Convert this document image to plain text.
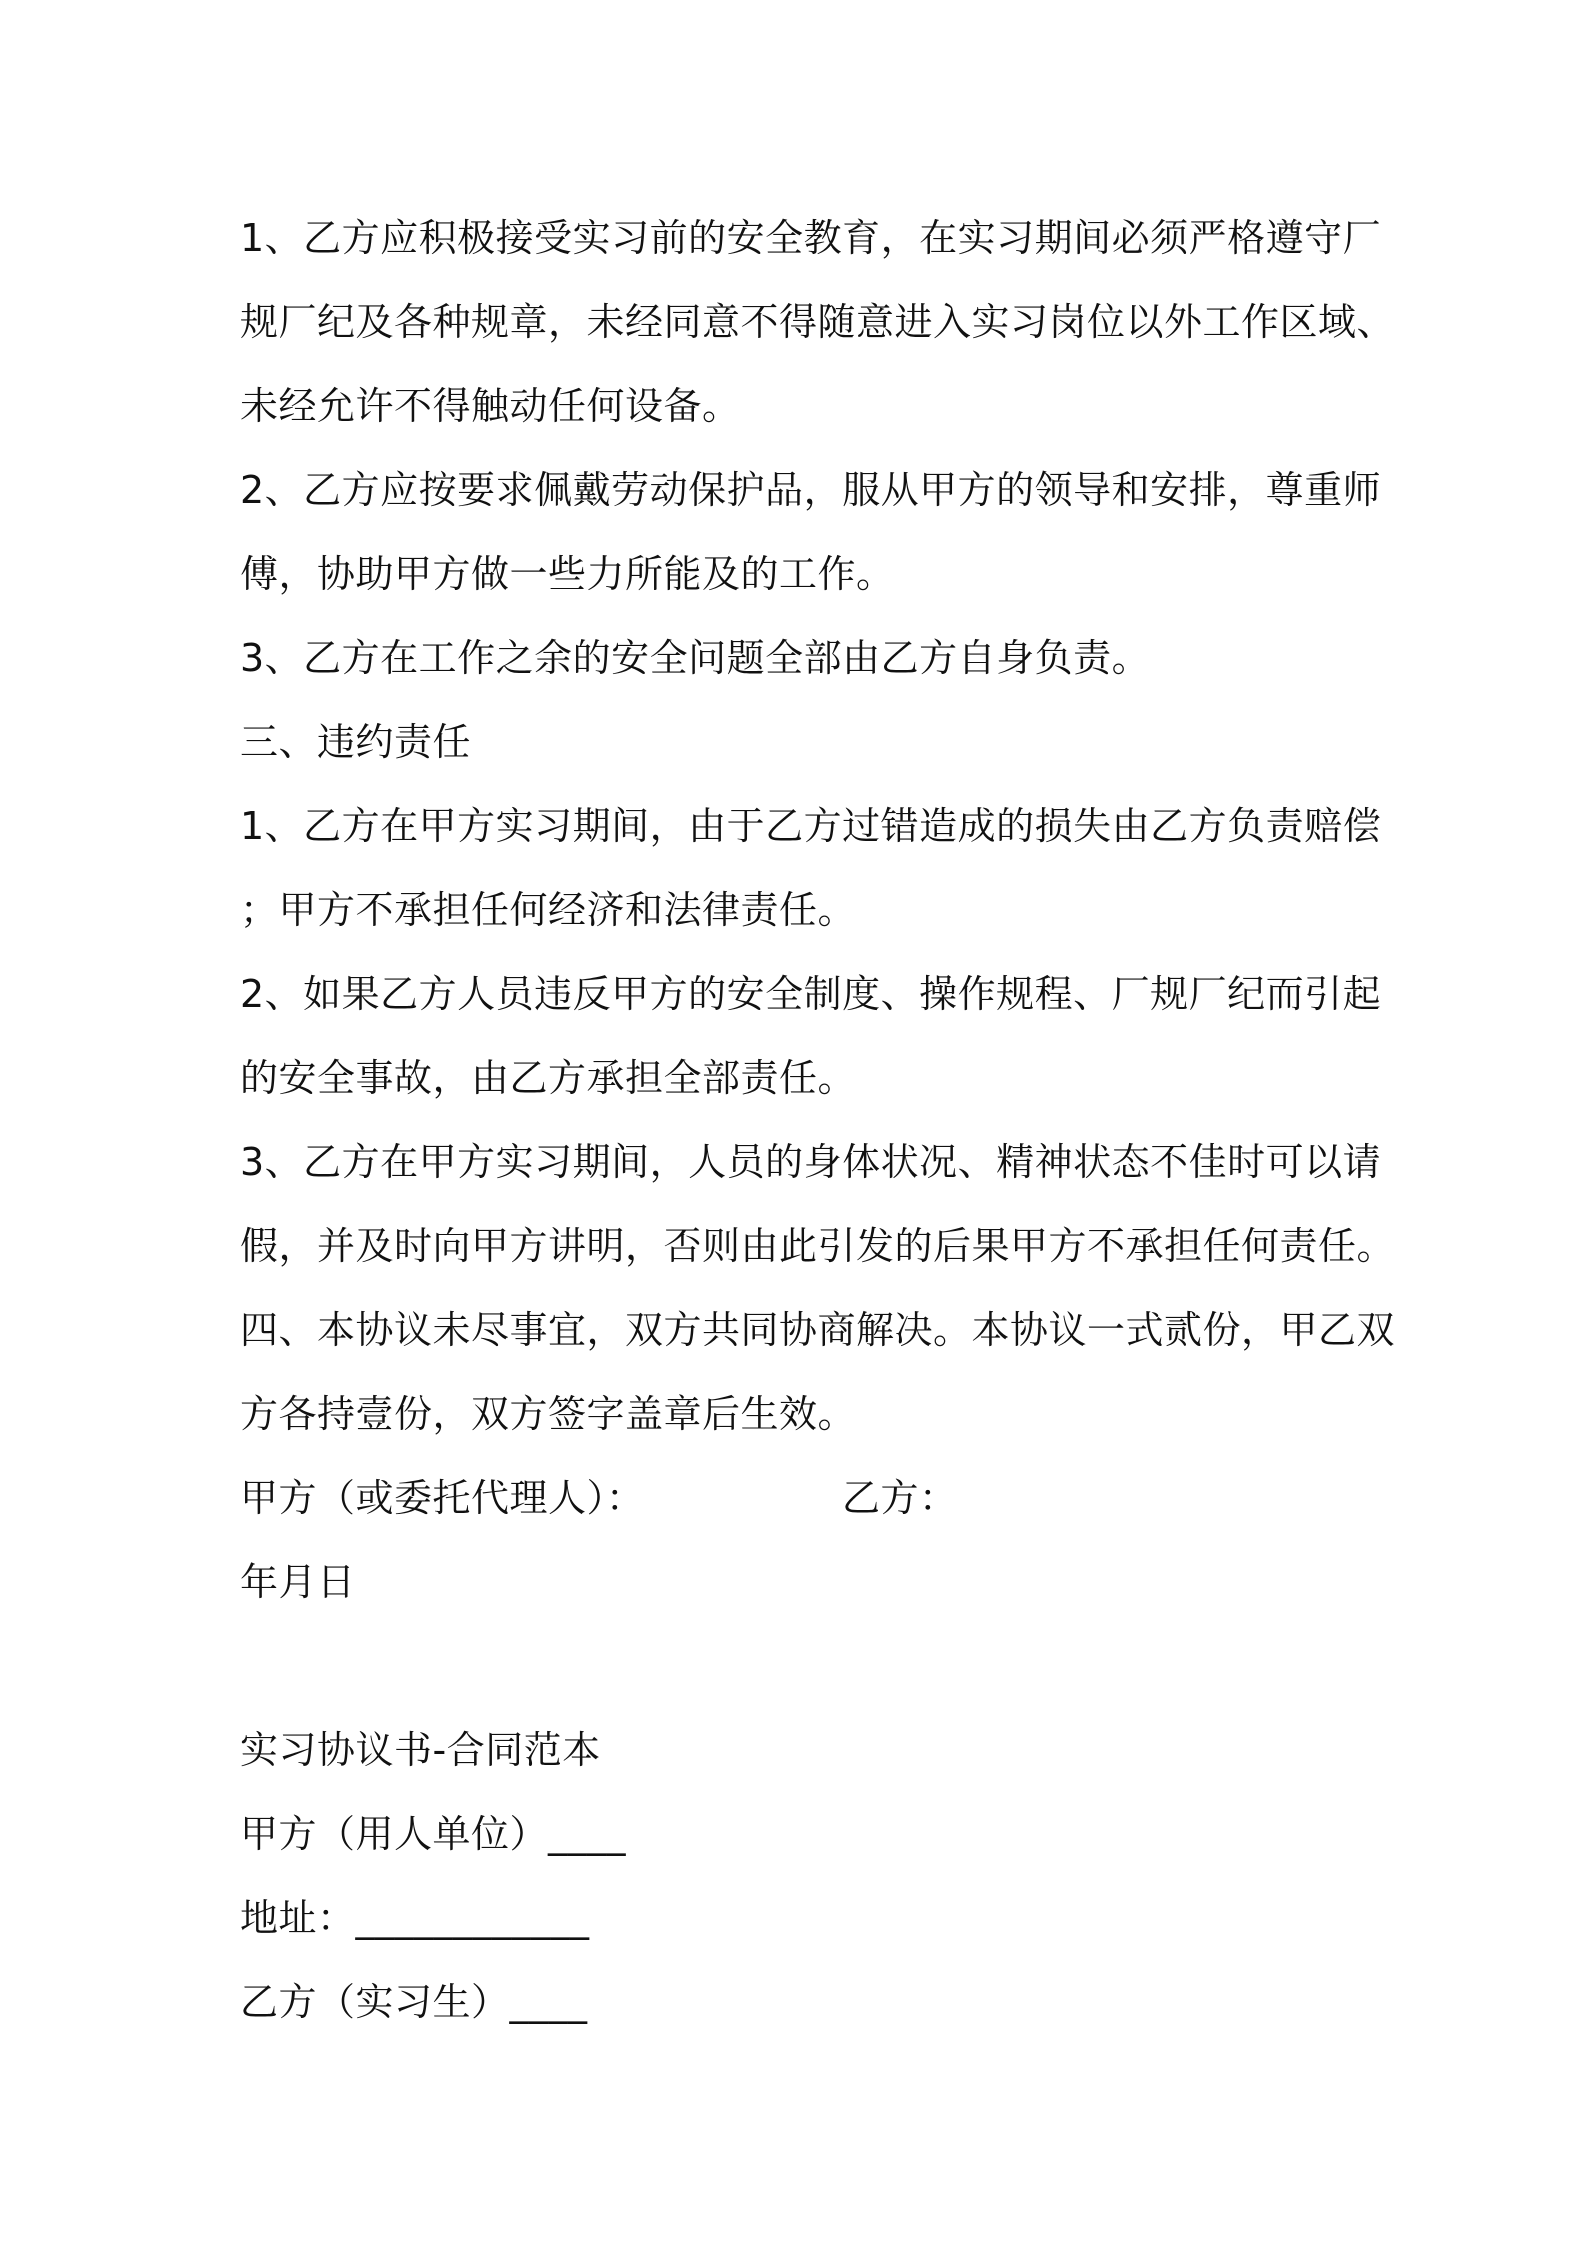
1、乙方应积极接受实习前的安全教育，在实习期间必须严格遵守厂
规厂纪及各种规章，未经同意不得随意进入实习岗位以外工作区域、
未经允许不得触动任何设备。
2、乙方应按要求佩戴劳动保护品，服从甲方的领导和安排，尊重师
傅，协助甲方做一些力所能及的工作。
3、乙方在工作之余的安全问题全部由乙方自身负责。
三、违约责任
1、乙方在甲方实习期间，由于乙方过错造成的损失由乙方负责赔偿
；甲方不承担任何经济和法律责任。
2、如果乙方人员违反甲方的安全制度、操作规程、厂规厂纪而引起
的安全事故，由乙方承担全部责任。
3、乙方在甲方实习期间，人员的身体状况、精神状态不佳时可以请
假，并及时向甲方讲明，否则由此引发的后果甲方不承担任何责任。
四、本协议未尽事宜，双方共同协商解决。本协议一式贰份，甲乙双
方各持壹份，双方签字盖章后生效。
甲方（或委托代理人）：	乙方：
年月日
实习协议书-合同范本
甲方（用人单位）____
地址：____________
乙方（实习生）____
